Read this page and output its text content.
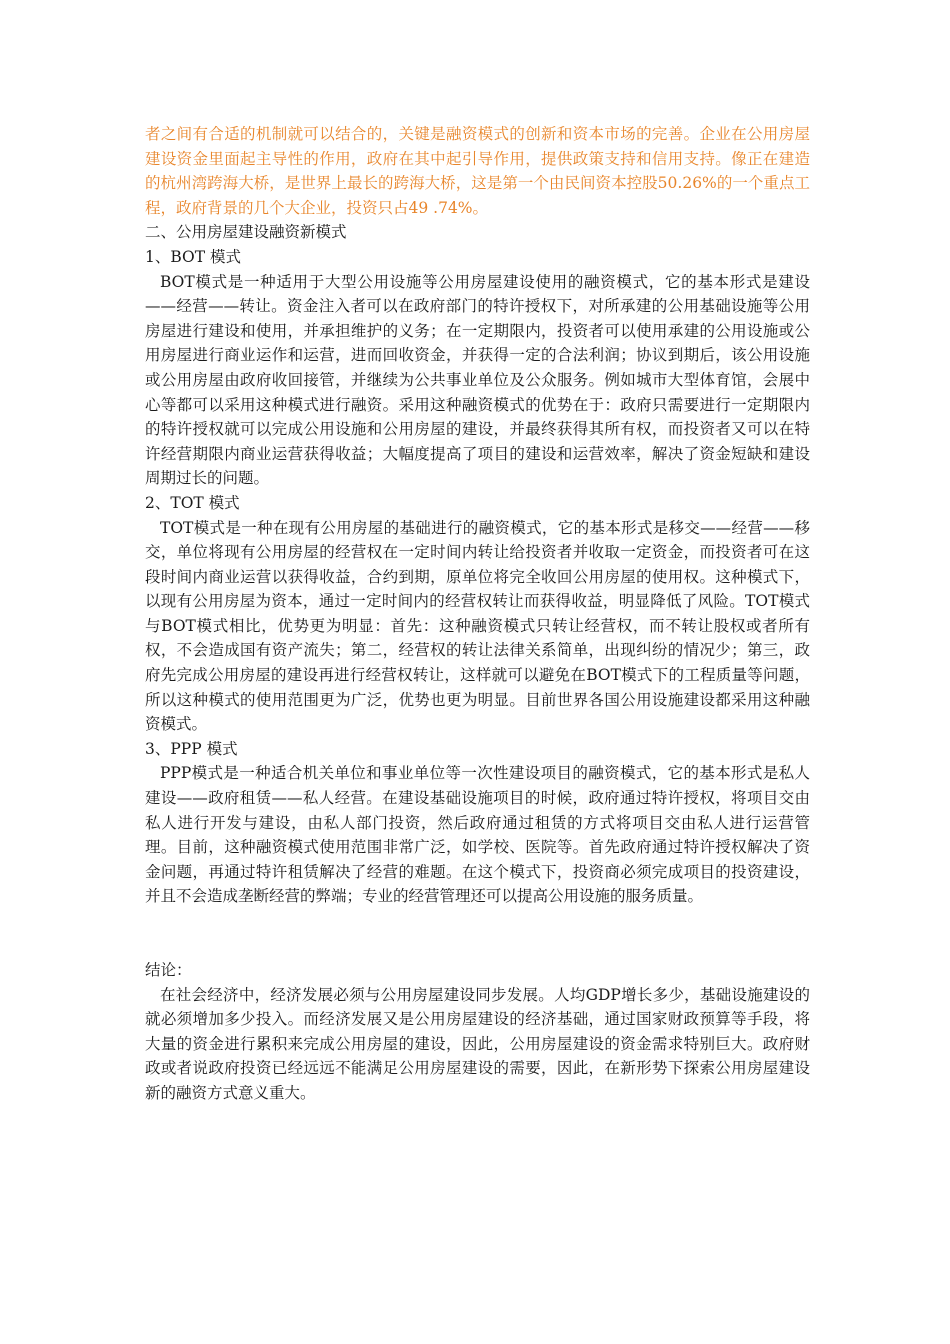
者之间有合适的机制就可以结合的，关键是融资模式的创新和资本市场的完善。企业在公用房屋建设资金里面起主导性的作用，政府在其中起引导作用，提供政策支持和信用支持。像正在建造的杭州湾跨海大桥，是世界上最长的跨海大桥，这是第一个由民间资本控股50.26%的一个重点工程，政府背景的几个大企业，投资只占49 .74%。

二、公用房屋建设融资新模式

1、BOT 模式

BOT模式是一种适用于大型公用设施等公用房屋建设使用的融资模式，它的基本形式是建设——经营——转让。资金注入者可以在政府部门的特许授权下，对所承建的公用基础设施等公用房屋进行建设和使用，并承担维护的义务；在一定期限内，投资者可以使用承建的公用设施或公用房屋进行商业运作和运营，进而回收资金，并获得一定的合法利润；协议到期后，该公用设施或公用房屋由政府收回接管，并继续为公共事业单位及公众服务。例如城市大型体育馆，会展中心等都可以采用这种模式进行融资。采用这种融资模式的优势在于：政府只需要进行一定期限内的特许授权就可以完成公用设施和公用房屋的建设，并最终获得其所有权，而投资者又可以在特许经营期限内商业运营获得收益；大幅度提高了项目的建设和运营效率，解决了资金短缺和建设周期过长的问题。

2、TOT 模式

TOT模式是一种在现有公用房屋的基础进行的融资模式，它的基本形式是移交——经营——移交，单位将现有公用房屋的经营权在一定时间内转让给投资者并收取一定资金，而投资者可在这段时间内商业运营以获得收益，合约到期，原单位将完全收回公用房屋的使用权。这种模式下，以现有公用房屋为资本，通过一定时间内的经营权转让而获得收益，明显降低了风险。TOT模式与BOT模式相比，优势更为明显：首先：这种融资模式只转让经营权，而不转让股权或者所有权，不会造成国有资产流失；第二，经营权的转让法律关系简单，出现纠纷的情况少；第三，政府先完成公用房屋的建设再进行经营权转让，这样就可以避免在BOT模式下的工程质量等问题，所以这种模式的使用范围更为广泛，优势也更为明显。目前世界各国公用设施建设都采用这种融资模式。

3、PPP 模式

PPP模式是一种适合机关单位和事业单位等一次性建设项目的融资模式，它的基本形式是私人建设——政府租赁——私人经营。在建设基础设施项目的时候，政府通过特许授权，将项目交由私人进行开发与建设，由私人部门投资，然后政府通过租赁的方式将项目交由私人进行运营管理。目前，这种融资模式使用范围非常广泛，如学校、医院等。首先政府通过特许授权解决了资金问题，再通过特许租赁解决了经营的难题。在这个模式下，投资商必须完成项目的投资建设，并且不会造成垄断经营的弊端；专业的经营管理还可以提高公用设施的服务质量。

结论：

在社会经济中，经济发展必须与公用房屋建设同步发展。人均GDP增长多少，基础设施建设的就必须增加多少投入。而经济发展又是公用房屋建设的经济基础，通过国家财政预算等手段，将大量的资金进行累积来完成公用房屋的建设，因此，公用房屋建设的资金需求特别巨大。政府财政或者说政府投资已经远远不能满足公用房屋建设的需要，因此，在新形势下探索公用房屋建设新的融资方式意义重大。
